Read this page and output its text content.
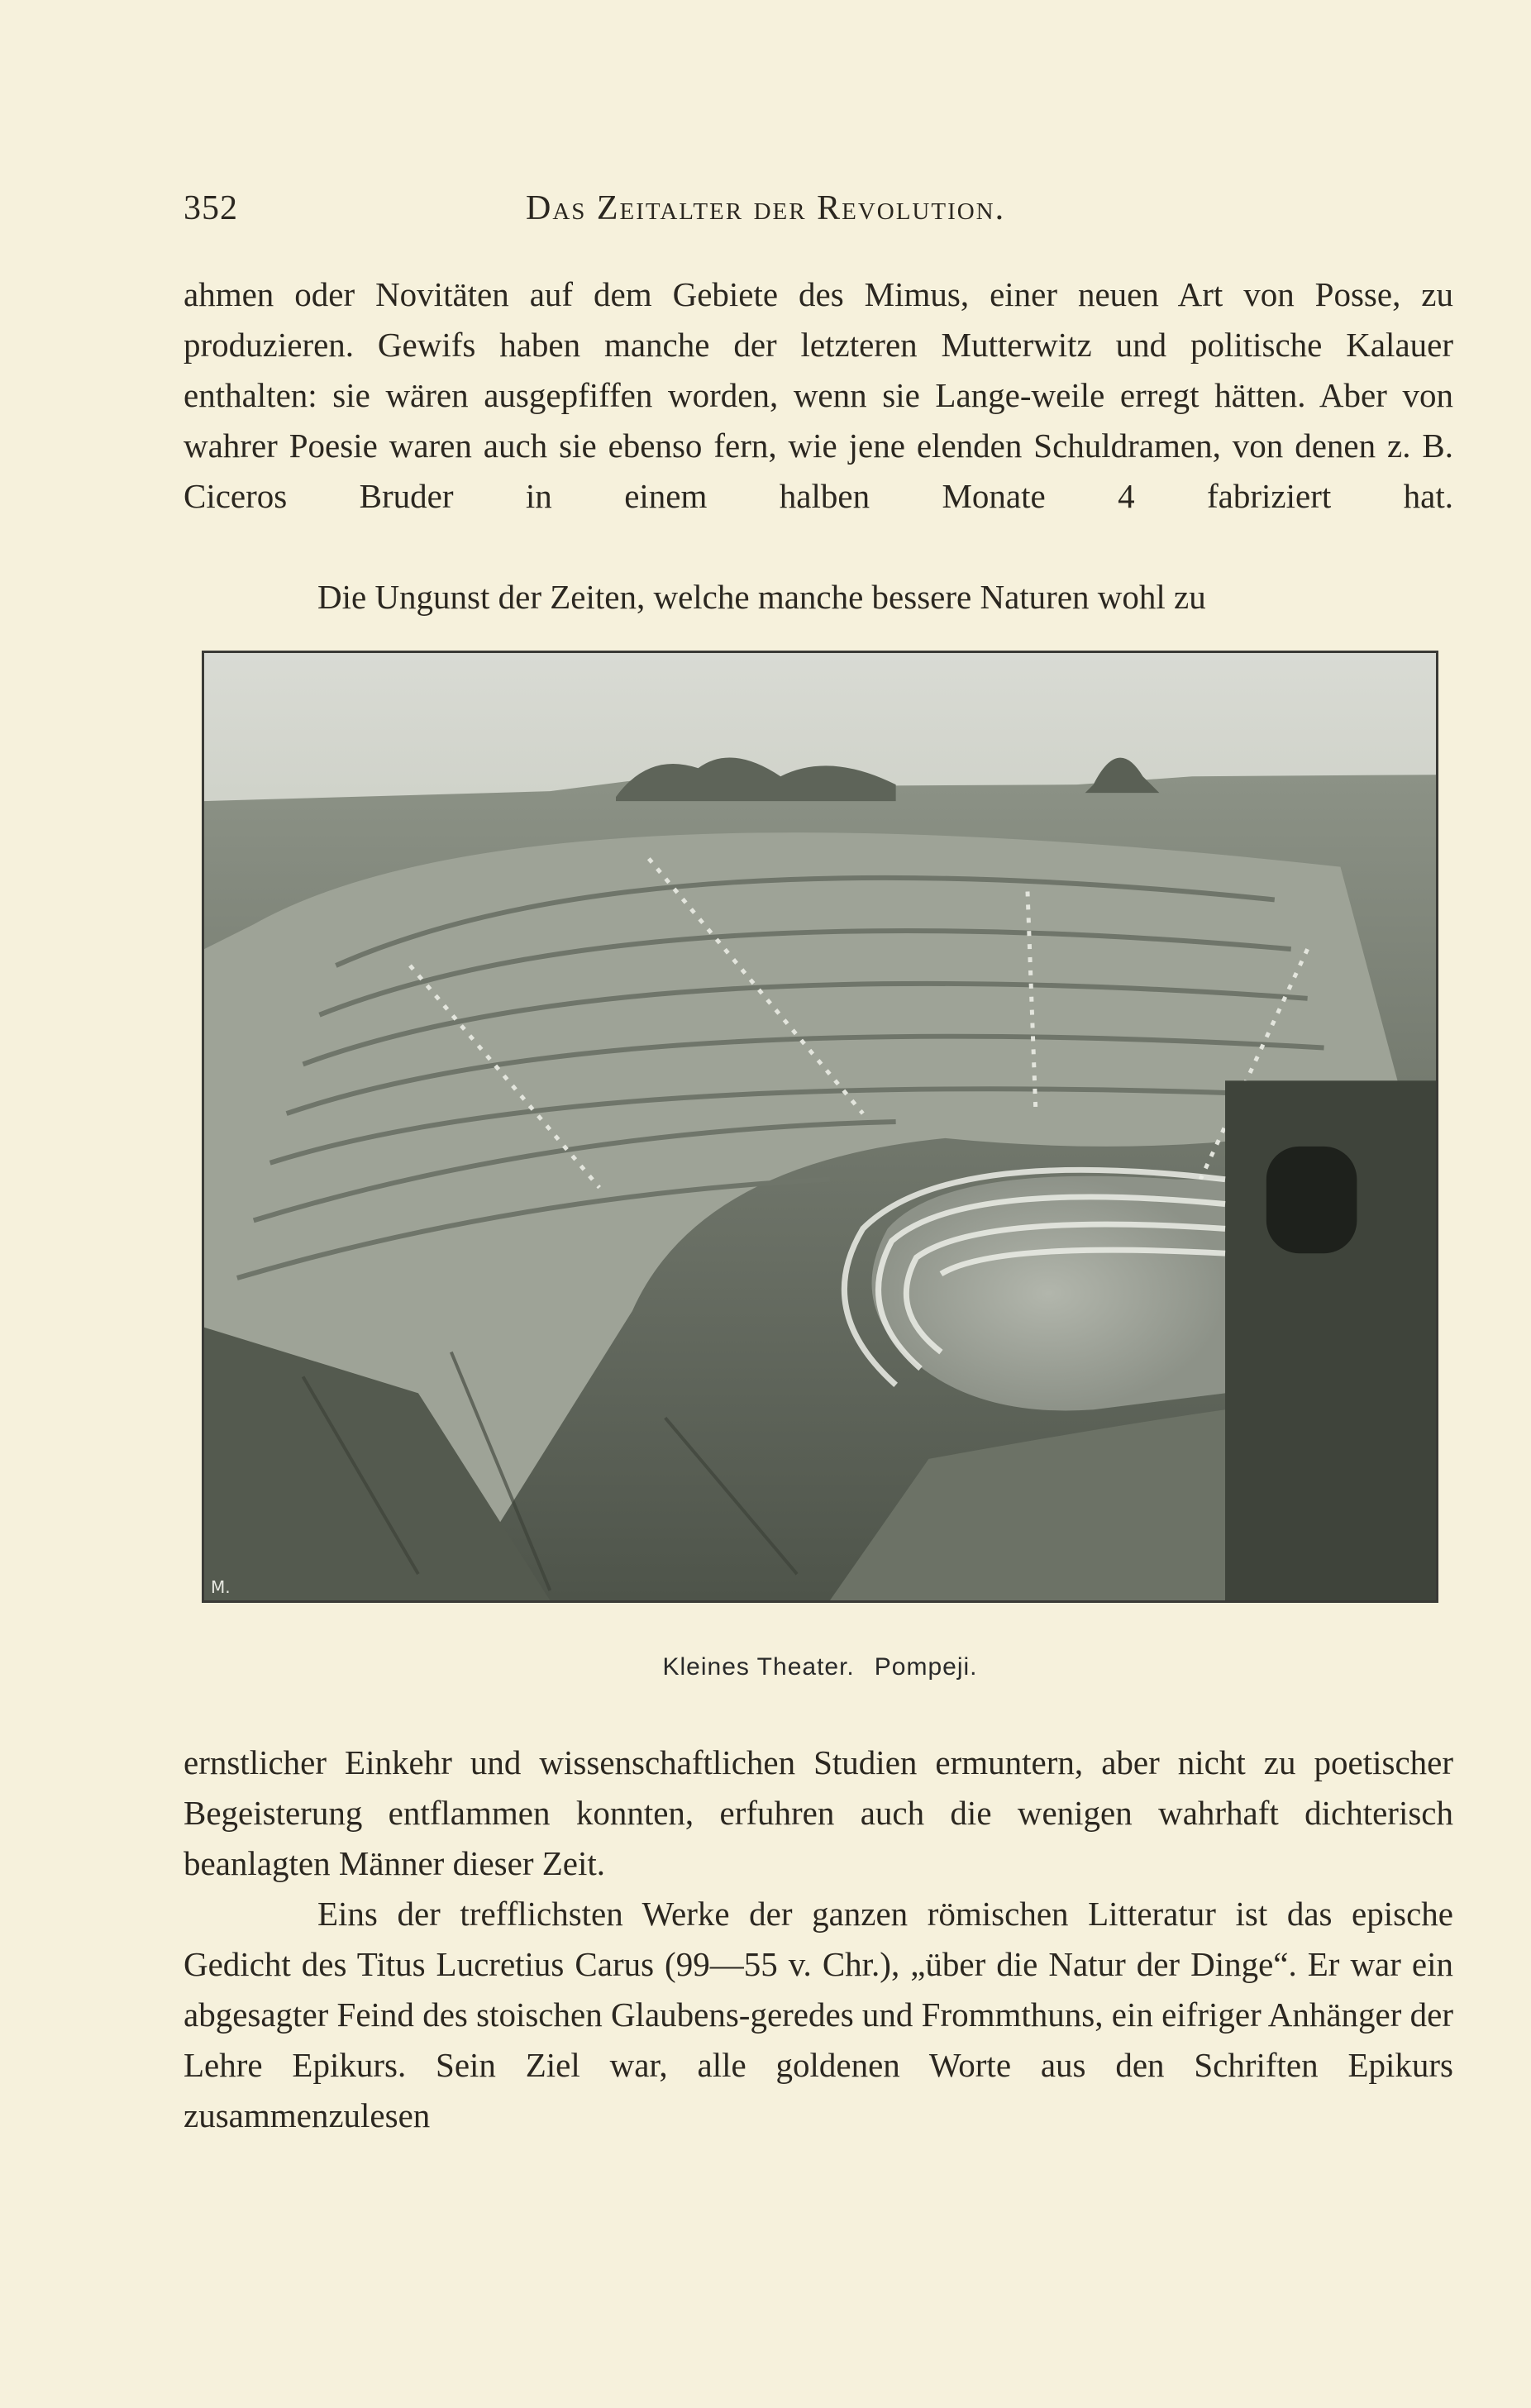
352	Das Zeitalter der Revolution.

ahmen oder Novitäten auf dem Gebiete des Mimus, einer neuen Art von Posse, zu produzieren. Gewifs haben manche der letzteren Mutterwitz und politische Kalauer enthalten: sie wären ausgepfiffen worden, wenn sie Lange-weile erregt hätten. Aber von wahrer Poesie waren auch sie ebenso fern, wie jene elenden Schuldramen, von denen z. B. Ciceros Bruder in einem halben Monate 4 fabriziert hat.

Die Ungunst der Zeiten, welche manche bessere Naturen wohl zu

M.
Kleines Theater. Pompeji.

ernstlicher Einkehr und wissenschaftlichen Studien ermuntern, aber nicht zu poetischer Begeisterung entflammen konnten, erfuhren auch die wenigen wahrhaft dichterisch beanlagten Männer dieser Zeit.

Eins der trefflichsten Werke der ganzen römischen Litteratur ist das epische Gedicht des Titus Lucretius Carus (99—55 v. Chr.), „über die Natur der Dinge“. Er war ein abgesagter Feind des stoischen Glaubens-geredes und Frommthuns, ein eifriger Anhänger der Lehre Epikurs. Sein Ziel war, alle goldenen Worte aus den Schriften Epikurs zusammenzulesen
